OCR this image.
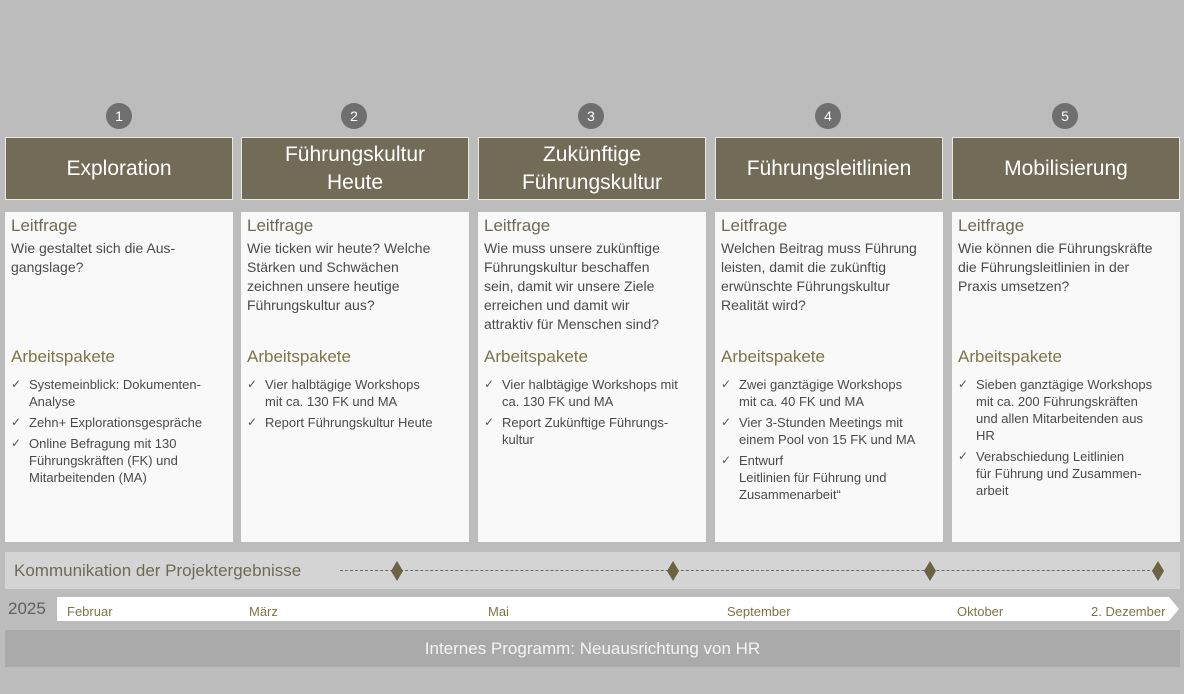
1
Exploration
Leitfrage
Wie gestaltet sich die Aus-
gangslage?
Arbeitspakete
✓ Systemeinblick: Dokumenten-
Analyse
✓ Zehn+ Explorationsgespräche
✓ Online Befragung mit 130
Führungskräften (FK) und
Mitarbeitenden (MA)
2
Führungskultur
Heute
Leitfrage
Wie ticken wir heute? Welche
Stärken und Schwächen
zeichnen unsere heutige
Führungskultur aus?
Arbeitspakete
✓ Vier halbtägige Workshops
mit ca. 130 FK und MA
✓ Report Führungskultur Heute
3
Zukünftige
Führungskultur
Leitfrage
Wie muss unsere zukünftige
Führungskultur beschaffen
sein, damit wir unsere Ziele
erreichen und damit wir
attraktiv für Menschen sind?
Arbeitspakete
✓ Vier halbtägige Workshops mit
ca. 130 FK und MA
✓ Report Zukünftige Führungs-
kultur
4
Führungsleitlinien
Leitfrage
Welchen Beitrag muss Führung
leisten, damit die zukünftig
erwünschte Führungskultur
Realität wird?
Arbeitspakete
✓ Zwei ganztägige Workshops
mit ca. 40 FK und MA
✓ Vier 3-Stunden Meetings mit
einem Pool von 15 FK und MA
✓ Entwurf
Leitlinien für Führung und
Zusammenarbeit“
5
Mobilisierung
Leitfrage
Wie können die Führungskräfte
die Führungsleitlinien in der
Praxis umsetzen?
Arbeitspakete
✓ Sieben ganztägige Workshops
mit ca. 200 Führungskräften
und allen Mitarbeitenden aus
HR
✓ Verabschiedung Leitlinien
für Führung und Zusammen-
arbeit
Kommunikation der Projektergebnisse
2025 Februar	März	Mai	September	Oktober	2. Dezember
Internes Programm: Neuausrichtung von HR
